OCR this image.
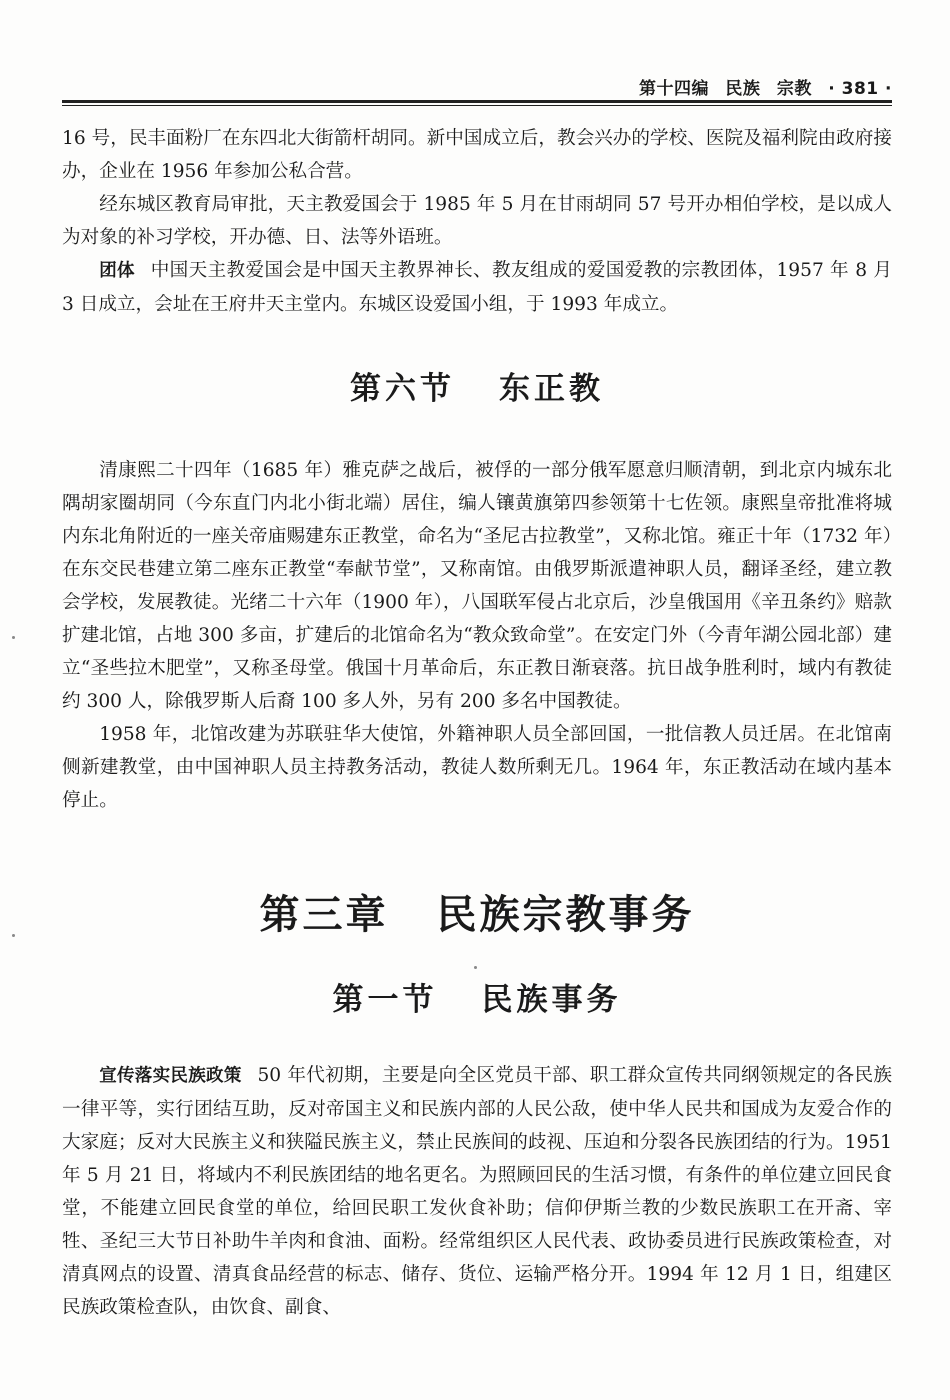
第十四编 民族 宗教 · 381 ·

16 号，民丰面粉厂在东四北大街箭杆胡同。新中国成立后，教会兴办的学校、医院及福利院由政府接办，企业在 1956 年参加公私合营。

经东城区教育局审批，天主教爱国会于 1985 年 5 月在甘雨胡同 57 号开办相伯学校，是以成人为对象的补习学校，开办德、日、法等外语班。

团体 中国天主教爱国会是中国天主教界神长、教友组成的爱国爱教的宗教团体，1957 年 8 月 3 日成立，会址在王府井天主堂内。东城区设爱国小组，于 1993 年成立。

第六节 东正教

清康熙二十四年（1685 年）雅克萨之战后，被俘的一部分俄军愿意归顺清朝，到北京内城东北隅胡家圈胡同（今东直门内北小街北端）居住，编人镶黄旗第四参领第十七佐领。康熙皇帝批准将城内东北角附近的一座关帝庙赐建东正教堂，命名为“圣尼古拉教堂”，又称北馆。雍正十年（1732 年）在东交民巷建立第二座东正教堂“奉献节堂”，又称南馆。由俄罗斯派遣神职人员，翻译圣经，建立教会学校，发展教徒。光绪二十六年（1900 年），八国联军侵占北京后，沙皇俄国用《辛丑条约》赔款扩建北馆，占地 300 多亩，扩建后的北馆命名为“教众致命堂”。在安定门外（今青年湖公园北部）建立“圣些拉木肥堂”，又称圣母堂。俄国十月革命后，东正教日渐衰落。抗日战争胜利时，域内有教徒约 300 人，除俄罗斯人后裔 100 多人外，另有 200 多名中国教徒。

1958 年，北馆改建为苏联驻华大使馆，外籍神职人员全部回国，一批信教人员迁居。在北馆南侧新建教堂，由中国神职人员主持教务活动，教徒人数所剩无几。1964 年，东正教活动在域内基本停止。

第三章 民族宗教事务
第一节 民族事务

宣传落实民族政策 50 年代初期，主要是向全区党员干部、职工群众宣传共同纲领规定的各民族一律平等，实行团结互助，反对帝国主义和民族内部的人民公敌，使中华人民共和国成为友爱合作的大家庭；反对大民族主义和狭隘民族主义，禁止民族间的歧视、压迫和分裂各民族团结的行为。1951 年 5 月 21 日，将域内不利民族团结的地名更名。为照顾回民的生活习惯，有条件的单位建立回民食堂，不能建立回民食堂的单位，给回民职工发伙食补助；信仰伊斯兰教的少数民族职工在开斋、宰牲、圣纪三大节日补助牛羊肉和食油、面粉。经常组织区人民代表、政协委员进行民族政策检查，对清真网点的设置、清真食品经营的标志、储存、货位、运输严格分开。1994 年 12 月 1 日，组建区民族政策检查队，由饮食、副食、
